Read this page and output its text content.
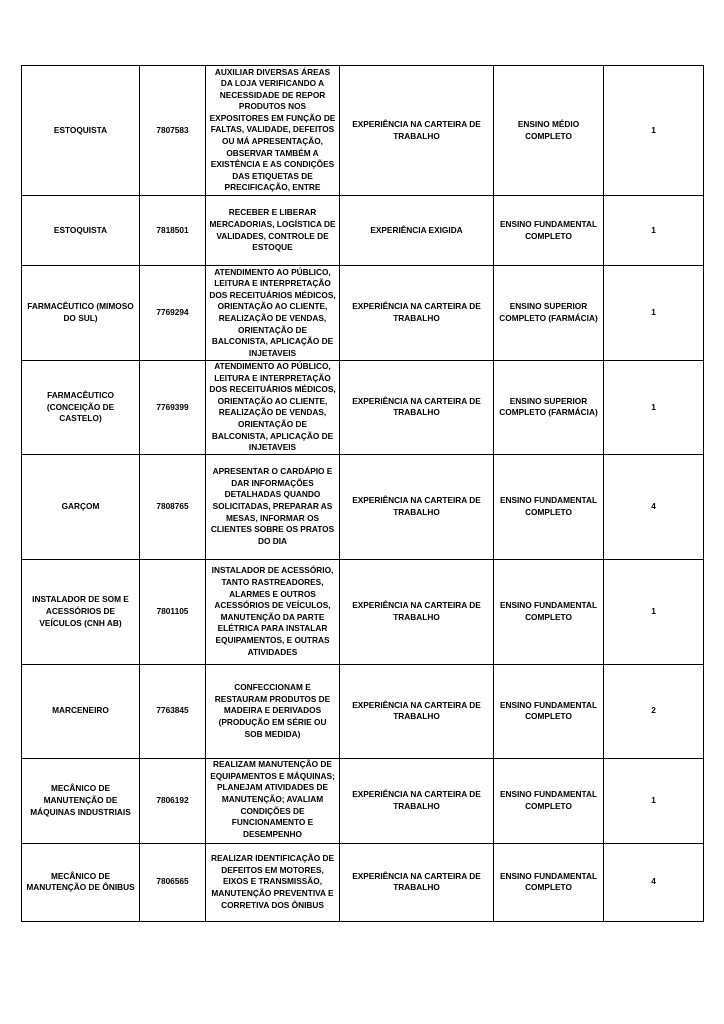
ESTOQUISTA	7807583	AUXILIAR DIVERSAS ÁREAS DA LOJA VERIFICANDO A NECESSIDADE DE REPOR PRODUTOS NOS EXPOSITORES EM FUNÇÃO DE FALTAS, VALIDADE, DEFEITOS OU MÁ APRESENTAÇÃO, OBSERVAR TAMBÉM A EXISTÊNCIA E AS CONDIÇÕES DAS ETIQUETAS DE PRECIFICAÇÃO, ENTRE	EXPERIÊNCIA NA CARTEIRA DE TRABALHO	ENSINO MÉDIO COMPLETO	1
ESTOQUISTA	7818501	RECEBER E LIBERAR MERCADORIAS, LOGÍSTICA DE VALIDADES, CONTROLE DE ESTOQUE	EXPERIÊNCIA EXIGIDA	ENSINO FUNDAMENTAL COMPLETO	1
FARMACÊUTICO (MIMOSO DO SUL)	7769294	ATENDIMENTO AO PÚBLICO, LEITURA E INTERPRETAÇÃO DOS RECEITUÁRIOS MÉDICOS, ORIENTAÇÃO AO CLIENTE, REALIZAÇÃO DE VENDAS, ORIENTAÇÃO DE BALCONISTA, APLICAÇÃO DE INJETAVEIS	EXPERIÊNCIA NA CARTEIRA DE TRABALHO	ENSINO SUPERIOR COMPLETO (FARMÁCIA)	1
FARMACÊUTICO (CONCEIÇÃO DE CASTELO)	7769399	ATENDIMENTO AO PÚBLICO, LEITURA E INTERPRETAÇÃO DOS RECEITUÁRIOS MÉDICOS, ORIENTAÇÃO AO CLIENTE, REALIZAÇÃO DE VENDAS, ORIENTAÇÃO DE BALCONISTA, APLICAÇÃO DE INJETAVEIS	EXPERIÊNCIA NA CARTEIRA DE TRABALHO	ENSINO SUPERIOR COMPLETO (FARMÁCIA)	1
GARÇOM	7808765	APRESENTAR O CARDÁPIO E DAR INFORMAÇÕES DETALHADAS QUANDO SOLICITADAS, PREPARAR AS MESAS, INFORMAR OS CLIENTES SOBRE OS PRATOS DO DIA	EXPERIÊNCIA NA CARTEIRA DE TRABALHO	ENSINO FUNDAMENTAL COMPLETO	4
INSTALADOR DE SOM E ACESSÓRIOS DE VEÍCULOS (CNH AB)	7801105	INSTALADOR DE ACESSÓRIO, TANTO RASTREADORES, ALARMES E OUTROS ACESSÓRIOS DE VEÍCULOS, MANUTENÇÃO DA PARTE ELÉTRICA PARA INSTALAR EQUIPAMENTOS, E OUTRAS ATIVIDADES	EXPERIÊNCIA NA CARTEIRA DE TRABALHO	ENSINO FUNDAMENTAL COMPLETO	1
MARCENEIRO	7763845	CONFECCIONAM E RESTAURAM PRODUTOS DE MADEIRA E DERIVADOS (PRODUÇÃO EM SÉRIE OU SOB MEDIDA)	EXPERIÊNCIA NA CARTEIRA DE TRABALHO	ENSINO FUNDAMENTAL COMPLETO	2
MECÂNICO DE MANUTENÇÃO DE MÁQUINAS INDUSTRIAIS	7806192	REALIZAM MANUTENÇÃO DE EQUIPAMENTOS E MÁQUINAS; PLANEJAM ATIVIDADES DE MANUTENÇÃO; AVALIAM CONDIÇÕES DE FUNCIONAMENTO E DESEMPENHO	EXPERIÊNCIA NA CARTEIRA DE TRABALHO	ENSINO FUNDAMENTAL COMPLETO	1
MECÂNICO DE MANUTENÇÃO DE ÔNIBUS	7806565	REALIZAR IDENTIFICAÇÃO DE DEFEITOS EM MOTORES, EIXOS E TRANSMISSÃO, MANUTENÇÃO PREVENTIVA E CORRETIVA DOS ÔNIBUS	EXPERIÊNCIA NA CARTEIRA DE TRABALHO	ENSINO FUNDAMENTAL COMPLETO	4
